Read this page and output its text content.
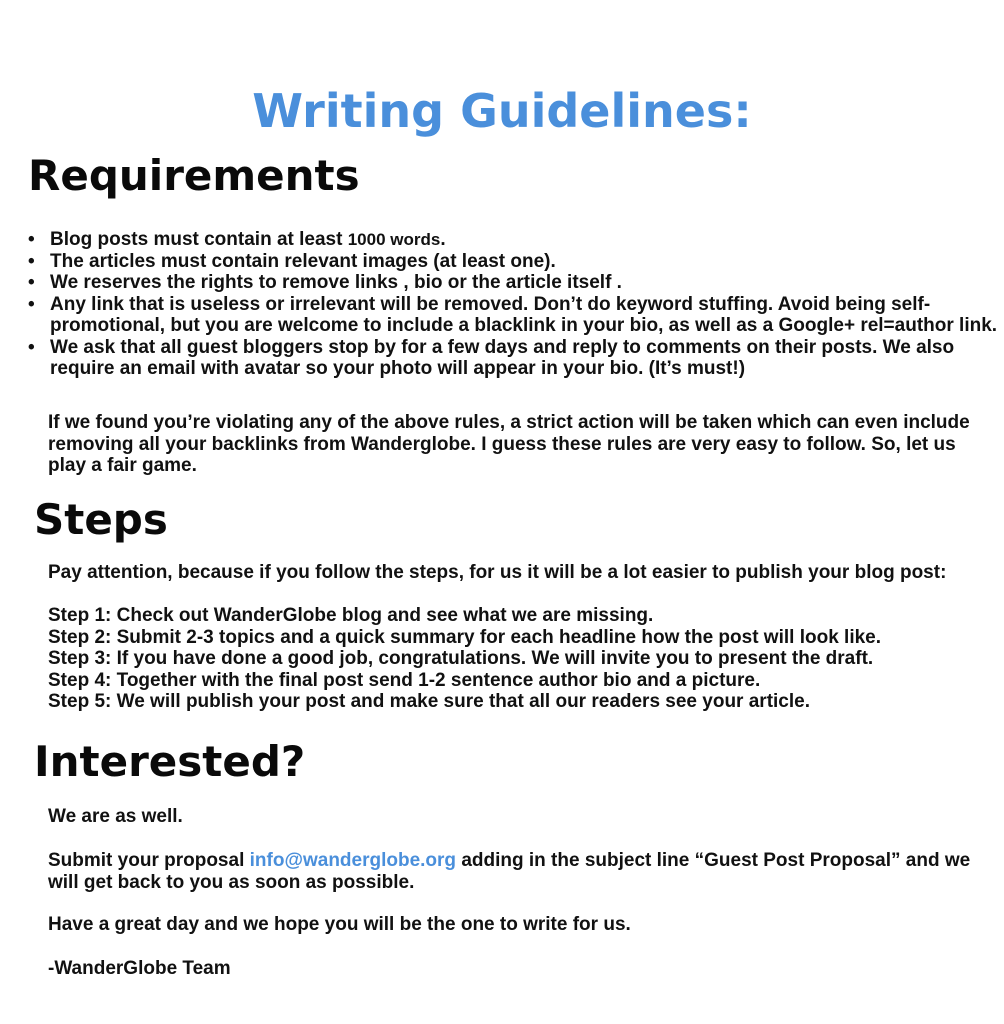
Writing Guidelines:
Requirements
• Blog posts must contain at least 1000 words.
• The articles must contain relevant images (at least one).
• We reserves the rights to remove links , bio or the article itself .
• Any link that is useless or irrelevant will be removed. Don’t do keyword stuffing. Avoid being self-promotional, but you are welcome to include a blacklink in your bio, as well as a Google+ rel=author link.
• We ask that all guest bloggers stop by for a few days and reply to comments on their posts. We also require an email with avatar so your photo will appear in your bio. (It’s must!)

If we found you’re violating any of the above rules, a strict action will be taken which can even include removing all your backlinks from Wanderglobe. I guess these rules are very easy to follow. So, let us play a fair game.

Steps

Pay attention, because if you follow the steps, for us it will be a lot easier to publish your blog post:

Step 1: Check out WanderGlobe blog and see what we are missing.
Step 2: Submit 2-3 topics and a quick summary for each headline how the post will look like.
Step 3: If you have done a good job, congratulations. We will invite you to present the draft.
Step 4: Together with the final post send 1-2 sentence author bio and a picture.
Step 5: We will publish your post and make sure that all our readers see your article.
Interested?

We are as well.

Submit your proposal info@wanderglobe.org adding in the subject line “Guest Post Proposal” and we will get back to you as soon as possible.

Have a great day and we hope you will be the one to write for us.

-WanderGlobe Team
